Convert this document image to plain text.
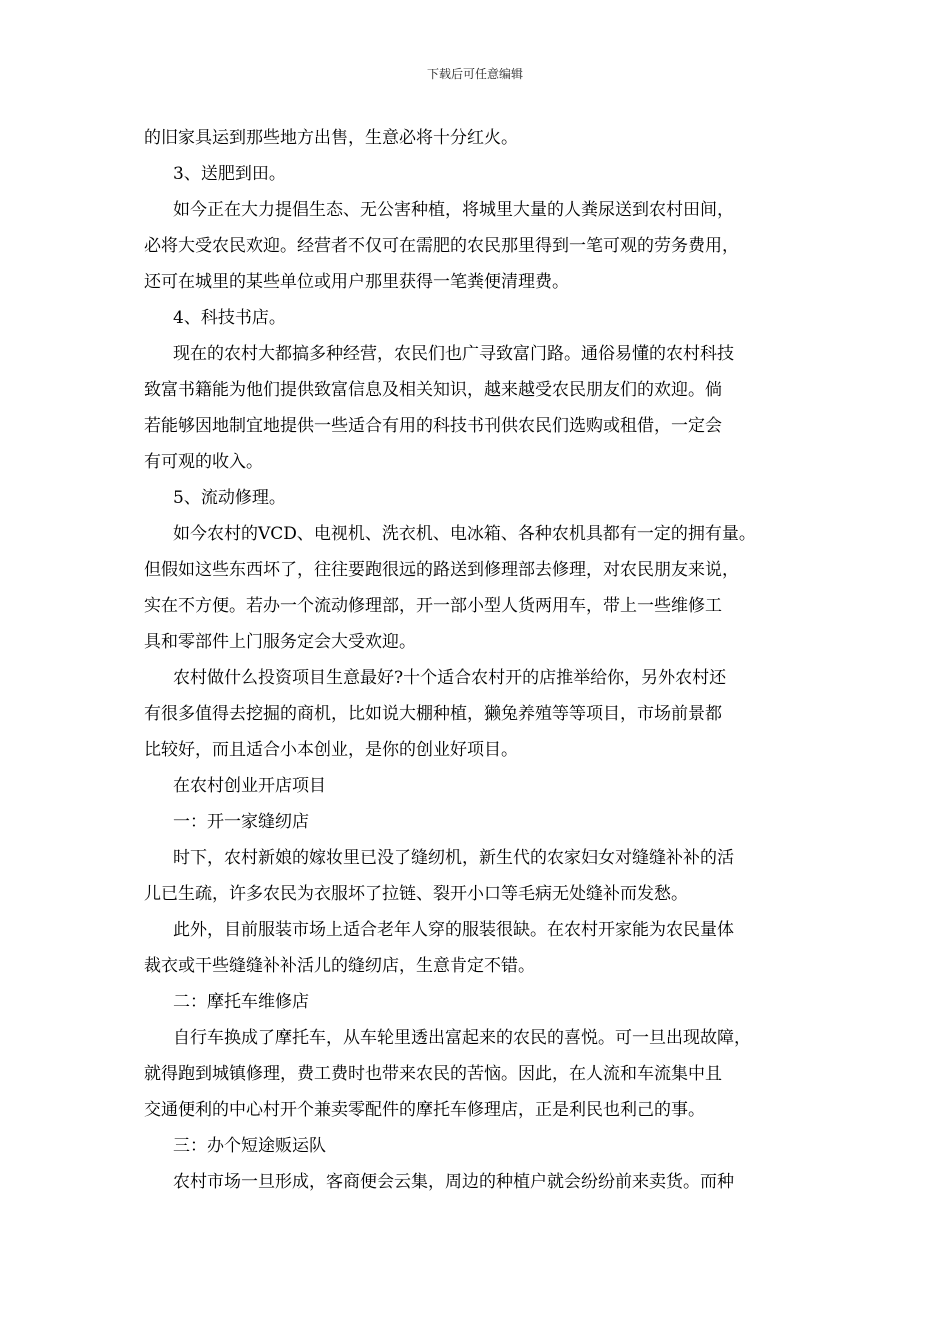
下载后可任意编辑
的旧家具运到那些地方出售，生意必将十分红火。
3、送肥到田。
如今正在大力提倡生态、无公害种植，将城里大量的人粪尿送到农村田间，
必将大受农民欢迎。经营者不仅可在需肥的农民那里得到一笔可观的劳务费用，
还可在城里的某些单位或用户那里获得一笔粪便清理费。
4、科技书店。
现在的农村大都搞多种经营，农民们也广寻致富门路。通俗易懂的农村科技
致富书籍能为他们提供致富信息及相关知识，越来越受农民朋友们的欢迎。倘
若能够因地制宜地提供一些适合有用的科技书刊供农民们选购或租借，一定会
有可观的收入。
5、流动修理。
如今农村的VCD、电视机、洗衣机、电冰箱、各种农机具都有一定的拥有量。
但假如这些东西坏了，往往要跑很远的路送到修理部去修理，对农民朋友来说，
实在不方便。若办一个流动修理部，开一部小型人货两用车，带上一些维修工
具和零部件上门服务定会大受欢迎。
农村做什么投资项目生意最好?十个适合农村开的店推举给你，另外农村还
有很多值得去挖掘的商机，比如说大棚种植，獭兔养殖等等项目，市场前景都
比较好，而且适合小本创业，是你的创业好项目。
在农村创业开店项目
一：开一家缝纫店
时下，农村新娘的嫁妆里已没了缝纫机，新生代的农家妇女对缝缝补补的活
儿已生疏，许多农民为衣服坏了拉链、裂开小口等毛病无处缝补而发愁。
此外，目前服装市场上适合老年人穿的服装很缺。在农村开家能为农民量体
裁衣或干些缝缝补补活儿的缝纫店，生意肯定不错。
二：摩托车维修店
自行车换成了摩托车，从车轮里透出富起来的农民的喜悦。可一旦出现故障，
就得跑到城镇修理，费工费时也带来农民的苦恼。因此，在人流和车流集中且
交通便利的中心村开个兼卖零配件的摩托车修理店，正是利民也利己的事。
三：办个短途贩运队
农村市场一旦形成，客商便会云集，周边的种植户就会纷纷前来卖货。而种
